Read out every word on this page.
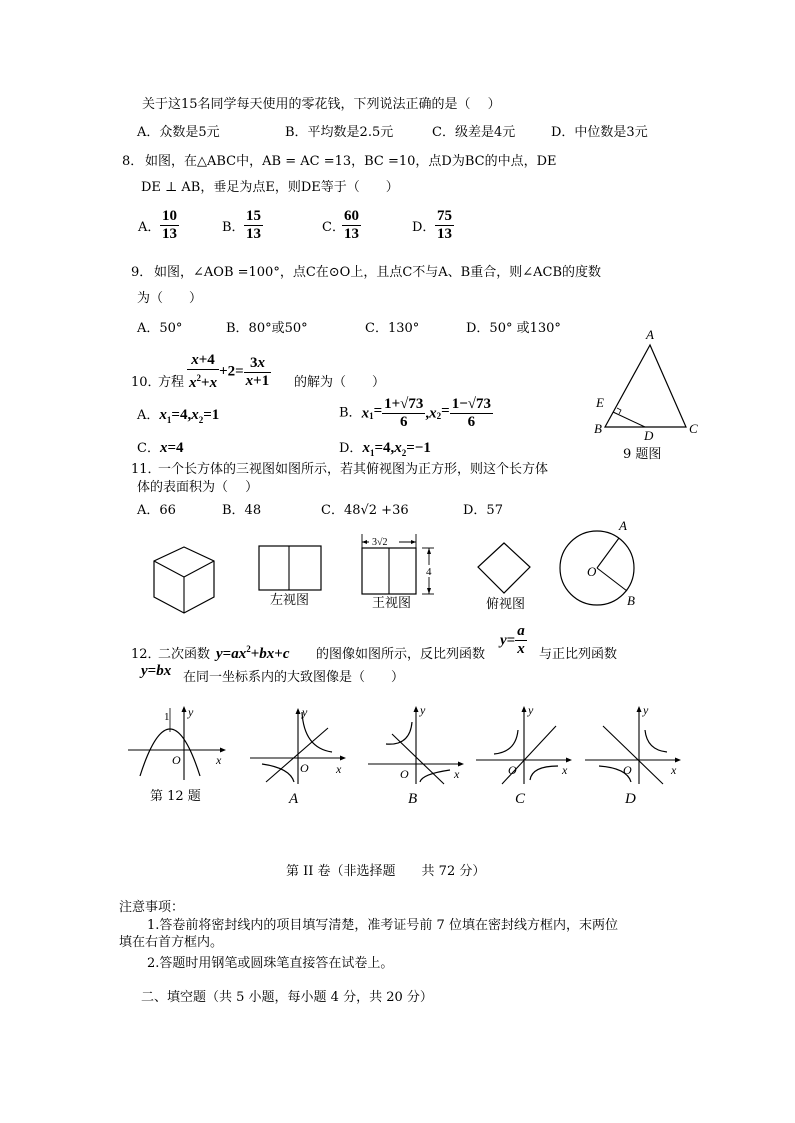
关于这15名同学每天使用的零花钱，下列说法正确的是（　 ）
A．众数是5元	B．平均数是2.5元	C．级差是4元	D．中位数是3元
8． 如图，在△ABC中，AB = AC =13，BC =10，点D为BC的中点，DE
DE ⊥ AB，垂足为点E，则DE等于（　　）
A． $\frac{10}{13}$	B． $\frac{15}{13}$	C．
$\frac{60}{13}$	D． $\frac{75}{13}$
9． 如图，∠AOB =100°，点C在⊙O上，且点C不与A、B重合，则∠ACB的度数
为（　　）
A．50°	B．80°或50°	C．130°	D．50° 或130°	A
E
B	D	C
9 题图
10．
方程 $\frac{x+4}{x^2+x} +2= \frac{3x}{x+1}$ 的解为（　　）
A．$x_1=4,x_2=1$	B．$x_1= \frac{1+√73}{6} ,x_2= \frac{1-√73}{6}$
C．x=4	D．$x_1=4,x_2=-1$
11．
一个长方体的三视图如图所示，若其俯视图为正方形，则这个长方体
体的表面积为（　 ）
A．66	B．48	C．48√2 +36	D．57
左视图
3√2
4
王视图	俯视图
A
O
B
12．
二次函数 $y=ax^2+bx+c$ 的图像如图所示，反比列函数
$y= \frac{a}{x}$ 与正比列函数
y=bx 在同一坐标系内的大致图像是（　　）
1 y
O	x
第 12 题
y
O x
A
y
O	x
B
y
O	x
C
y
O	x
D
第 II 卷（非选择题　　共 72 分）
注意事项：
1.答卷前将密封线内的项目填写清楚，准考证号前 7 位填在密封线方框内，末两位
填在右首方框内。
2.答题时用钢笔或圆珠笔直接答在试卷上。
二、填空题（共 5 小题，每小题 4 分，共 20 分）
